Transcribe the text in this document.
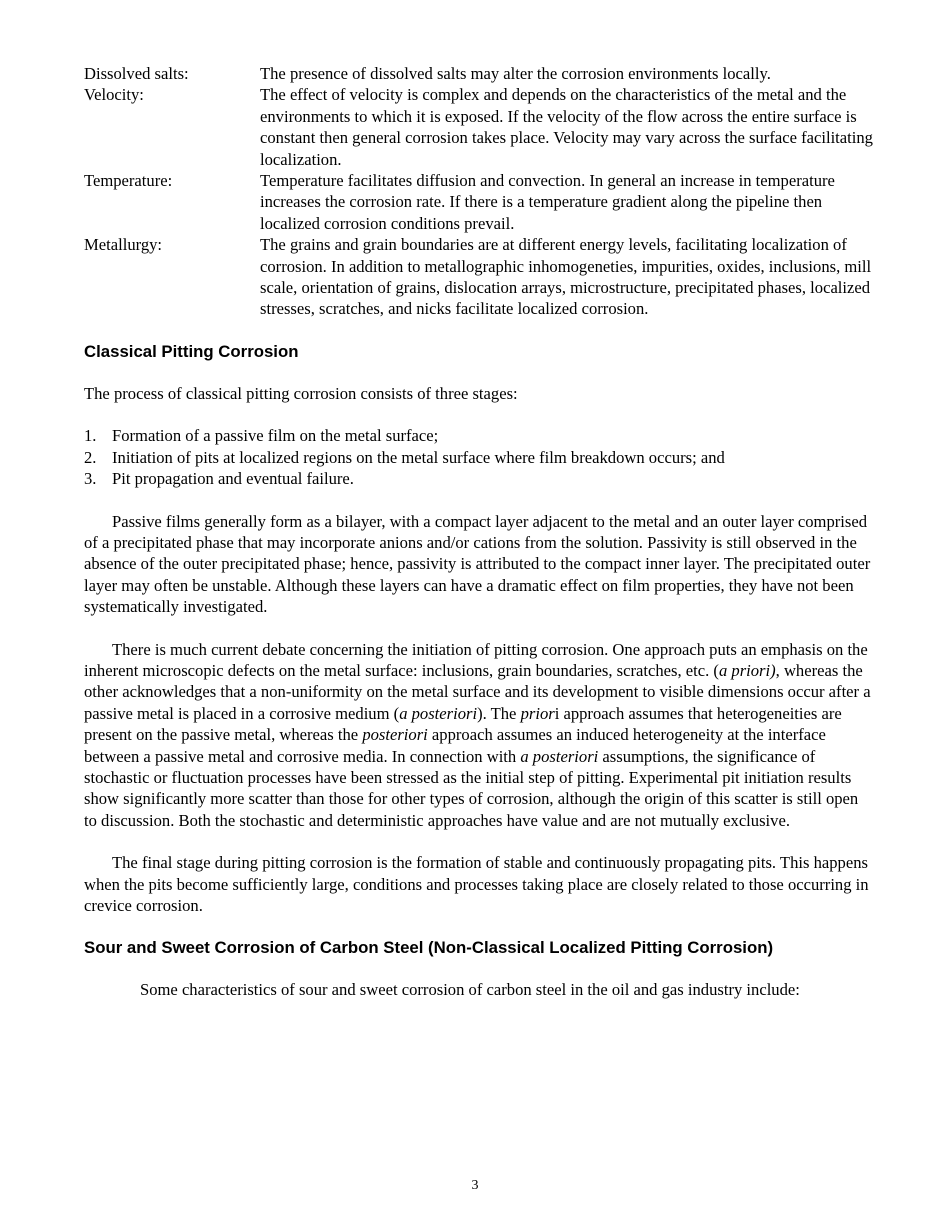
Dissolved salts:	The presence of dissolved salts may alter the corrosion environments locally.
Velocity:	The effect of velocity is complex and depends on the characteristics of the metal and the environments to which it is exposed. If the velocity of the flow across the entire surface is constant then general corrosion takes place. Velocity may vary across the surface facilitating localization.
Temperature:	Temperature facilitates diffusion and convection. In general an increase in temperature increases the corrosion rate. If there is a temperature gradient along the pipeline then localized corrosion conditions prevail.
Metallurgy:	The grains and grain boundaries are at different energy levels, facilitating localization of corrosion. In addition to metallographic inhomogeneties, impurities, oxides, inclusions, mill scale, orientation of grains, dislocation arrays, microstructure, precipitated phases, localized stresses, scratches, and nicks facilitate localized corrosion.
Classical Pitting Corrosion

The process of classical pitting corrosion consists of three stages:

1. Formation of a passive film on the metal surface;
2. Initiation of pits at localized regions on the metal surface where film breakdown occurs; and
3. Pit propagation and eventual failure.

Passive films generally form as a bilayer, with a compact layer adjacent to the metal and an outer layer comprised of a precipitated phase that may incorporate anions and/or cations from the solution. Passivity is still observed in the absence of the outer precipitated phase; hence, passivity is attributed to the compact inner layer. The precipitated outer layer may often be unstable. Although these layers can have a dramatic effect on film properties, they have not been systematically investigated.

There is much current debate concerning the initiation of pitting corrosion. One approach puts an emphasis on the inherent microscopic defects on the metal surface: inclusions, grain boundaries, scratches, etc. (a priori), whereas the other acknowledges that a non-uniformity on the metal surface and its development to visible dimensions occur after a passive metal is placed in a corrosive medium (a posteriori). The priori approach assumes that heterogeneities are present on the passive metal, whereas the posteriori approach assumes an induced heterogeneity at the interface between a passive metal and corrosive media. In connection with a posteriori assumptions, the significance of stochastic or fluctuation processes have been stressed as the initial step of pitting. Experimental pit initiation results show significantly more scatter than those for other types of corrosion, although the origin of this scatter is still open to discussion. Both the stochastic and deterministic approaches have value and are not mutually exclusive.

The final stage during pitting corrosion is the formation of stable and continuously propagating pits. This happens when the pits become sufficiently large, conditions and processes taking place are closely related to those occurring in crevice corrosion.

Sour and Sweet Corrosion of Carbon Steel (Non-Classical Localized Pitting Corrosion)

Some characteristics of sour and sweet corrosion of carbon steel in the oil and gas industry include:

3
